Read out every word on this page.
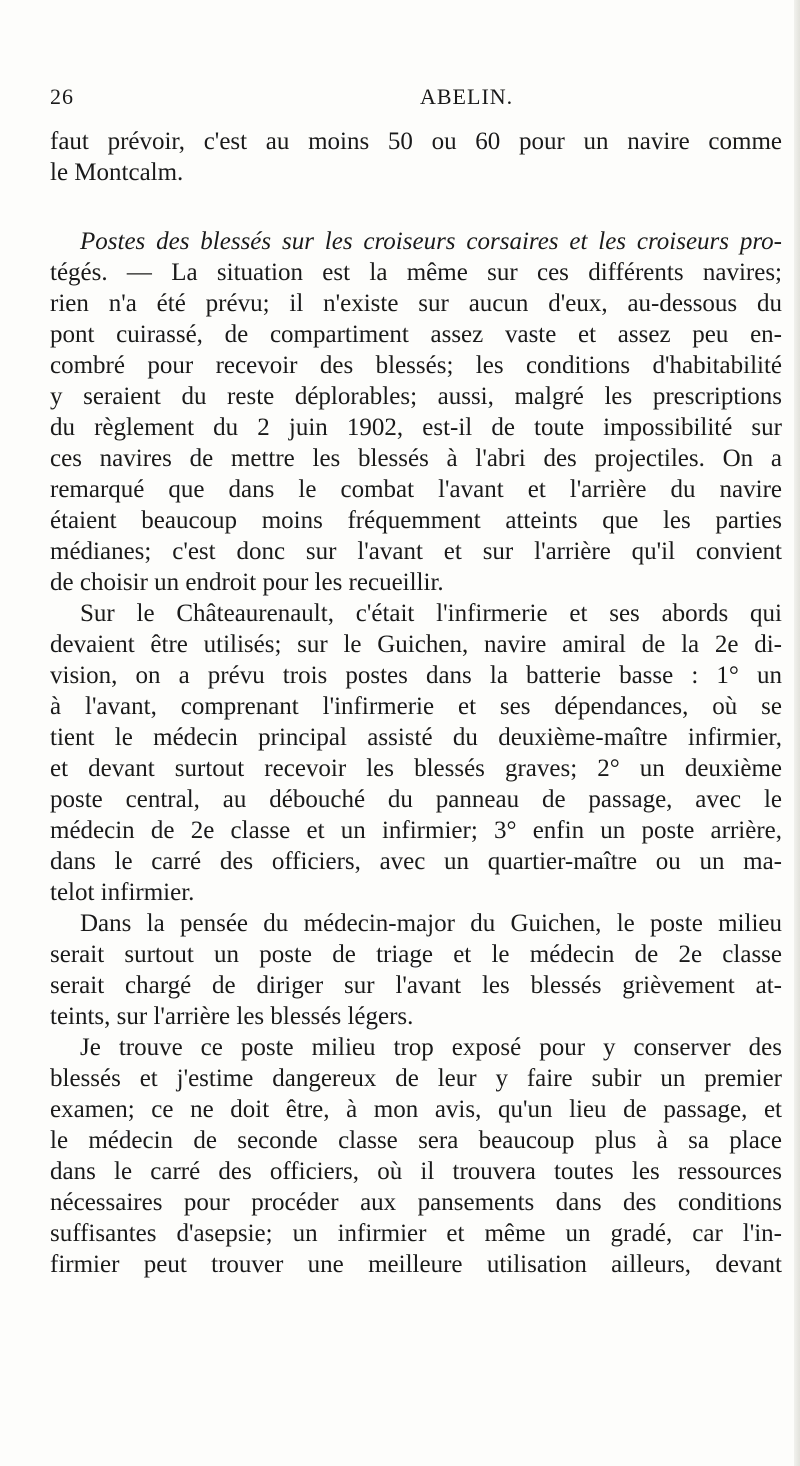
26	ABELIN.
faut prévoir, c'est au moins 50 ou 60 pour un navire comme
le Montcalm.
Postes des blessés sur les croiseurs corsaires et les croiseurs pro-
tégés. — La situation est la même sur ces différents navires;
rien n'a été prévu; il n'existe sur aucun d'eux, au-dessous du
pont cuirassé, de compartiment assez vaste et assez peu en-
combré pour recevoir des blessés; les conditions d'habitabilité
y seraient du reste déplorables; aussi, malgré les prescriptions
du règlement du 2 juin 1902, est-il de toute impossibilité sur
ces navires de mettre les blessés à l'abri des projectiles. On a
remarqué que dans le combat l'avant et l'arrière du navire
étaient beaucoup moins fréquemment atteints que les parties
médianes; c'est donc sur l'avant et sur l'arrière qu'il convient
de choisir un endroit pour les recueillir.
Sur le Châteaurenault, c'était l'infirmerie et ses abords qui
devaient être utilisés; sur le Guichen, navire amiral de la 2e di-
vision, on a prévu trois postes dans la batterie basse : 1° un
à l'avant, comprenant l'infirmerie et ses dépendances, où se
tient le médecin principal assisté du deuxième-maître infirmier,
et devant surtout recevoir les blessés graves; 2° un deuxième
poste central, au débouché du panneau de passage, avec le
médecin de 2e classe et un infirmier; 3° enfin un poste arrière,
dans le carré des officiers, avec un quartier-maître ou un ma-
telot infirmier.
Dans la pensée du médecin-major du Guichen, le poste milieu
serait surtout un poste de triage et le médecin de 2e classe
serait chargé de diriger sur l'avant les blessés grièvement at-
teints, sur l'arrière les blessés légers.
Je trouve ce poste milieu trop exposé pour y conserver des
blessés et j'estime dangereux de leur y faire subir un premier
examen; ce ne doit être, à mon avis, qu'un lieu de passage, et
le médecin de seconde classe sera beaucoup plus à sa place
dans le carré des officiers, où il trouvera toutes les ressources
nécessaires pour procéder aux pansements dans des conditions
suffisantes d'asepsie; un infirmier et même un gradé, car l'in-
firmier peut trouver une meilleure utilisation ailleurs, devant
